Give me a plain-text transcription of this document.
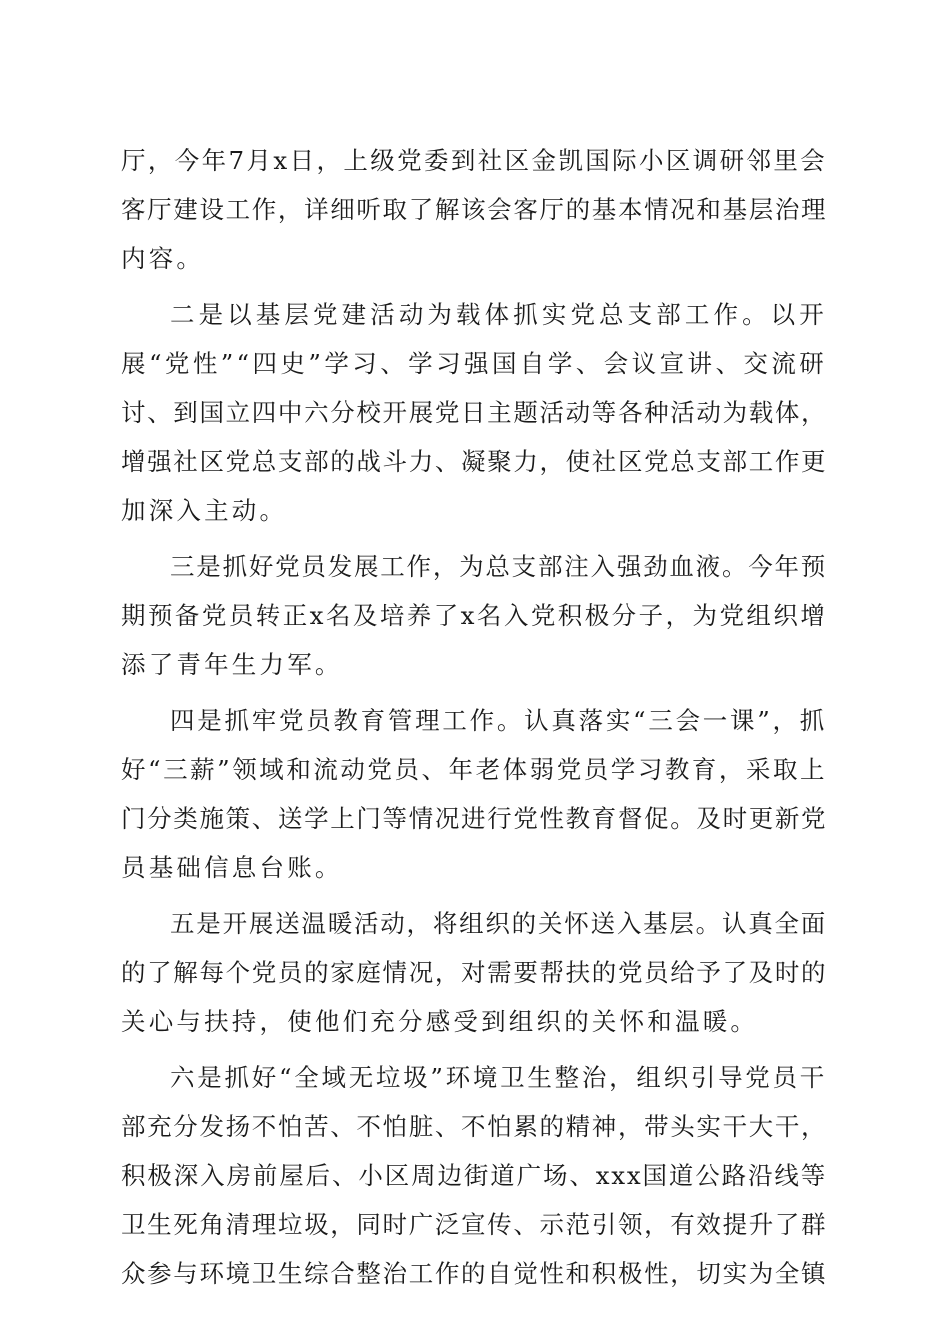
厅，今年7月x日，上级党委到社区金凯国际小区调研邻里会
客厅建设工作，详细听取了解该会客厅的基本情况和基层治理
内容。
二是以基层党建活动为载体抓实党总支部工作。以开
展“党性”“四史”学习、学习强国自学、会议宣讲、交流研
讨、到国立四中六分校开展党日主题活动等各种活动为载体，
增强社区党总支部的战斗力、凝聚力，使社区党总支部工作更
加深入主动。
三是抓好党员发展工作，为总支部注入强劲血液。今年预
期预备党员转正x名及培养了x名入党积极分子，为党组织增
添了青年生力军。
四是抓牢党员教育管理工作。认真落实“三会一课”，抓
好“三薪”领域和流动党员、年老体弱党员学习教育，采取上
门分类施策、送学上门等情况进行党性教育督促。及时更新党
员基础信息台账。
五是开展送温暖活动，将组织的关怀送入基层。认真全面
的了解每个党员的家庭情况，对需要帮扶的党员给予了及时的
关心与扶持，使他们充分感受到组织的关怀和温暖。
六是抓好“全域无垃圾”环境卫生整治，组织引导党员干
部充分发扬不怕苦、不怕脏、不怕累的精神，带头实干大干，
积极深入房前屋后、小区周边街道广场、xxx国道公路沿线等
卫生死角清理垃圾，同时广泛宣传、示范引领，有效提升了群
众参与环境卫生综合整治工作的自觉性和积极性，切实为全镇
